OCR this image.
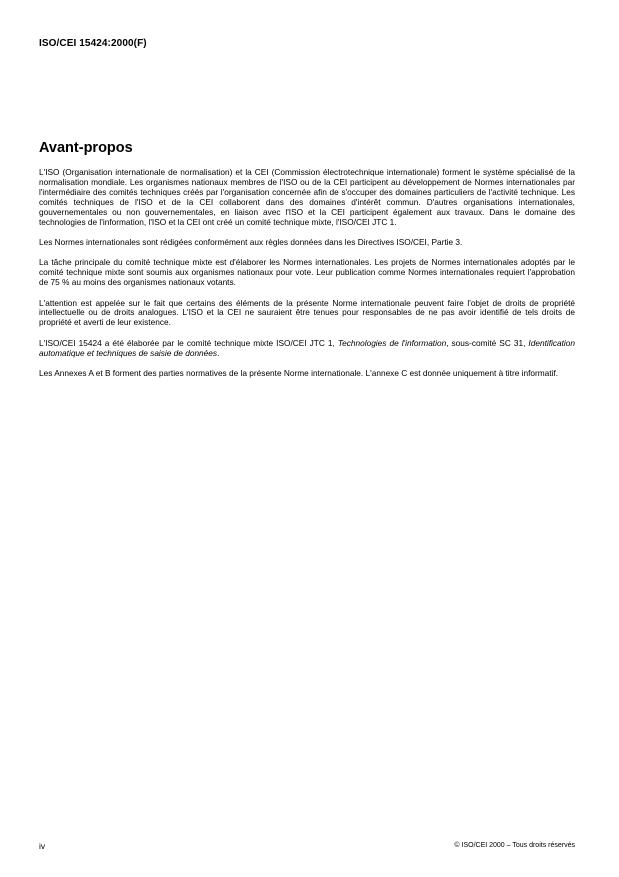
ISO/CEI 15424:2000(F)
Avant-propos

L'ISO (Organisation internationale de normalisation) et la CEI (Commission électrotechnique internationale) forment le système spécialisé de la normalisation mondiale. Les organismes nationaux membres de l'ISO ou de la CEI participent au développement de Normes internationales par l'intermédiaire des comités techniques créés par l'organisation concernée afin de s'occuper des domaines particuliers de l'activité technique. Les comités techniques de l'ISO et de la CEI collaborent dans des domaines d'intérêt commun. D'autres organisations internationales, gouvernementales ou non gouvernementales, en liaison avec l'ISO et la CEI participent également aux travaux. Dans le domaine des technologies de l'information, l'ISO et la CEI ont créé un comité technique mixte, l'ISO/CEI JTC 1.

Les Normes internationales sont rédigées conformément aux règles données dans les Directives ISO/CEI, Partie 3.

La tâche principale du comité technique mixte est d'élaborer les Normes internationales. Les projets de Normes internationales adoptés par le comité technique mixte sont soumis aux organismes nationaux pour vote. Leur publication comme Normes internationales requiert l'approbation de 75 % au moins des organismes nationaux votants.

L'attention est appelée sur le fait que certains des éléments de la présente Norme internationale peuvent faire l'objet de droits de propriété intellectuelle ou de droits analogues. L'ISO et la CEI ne sauraient être tenues pour responsables de ne pas avoir identifié de tels droits de propriété et averti de leur existence.

L'ISO/CEI 15424 a été élaborée par le comité technique mixte ISO/CEI JTC 1, Technologies de l'information, sous-comité SC 31, Identification automatique et techniques de saisie de données.

Les Annexes A et B forment des parties normatives de la présente Norme internationale. L'annexe C est donnée uniquement à titre informatif.

iv	© ISO/CEI 2000 – Tous droits réservés
